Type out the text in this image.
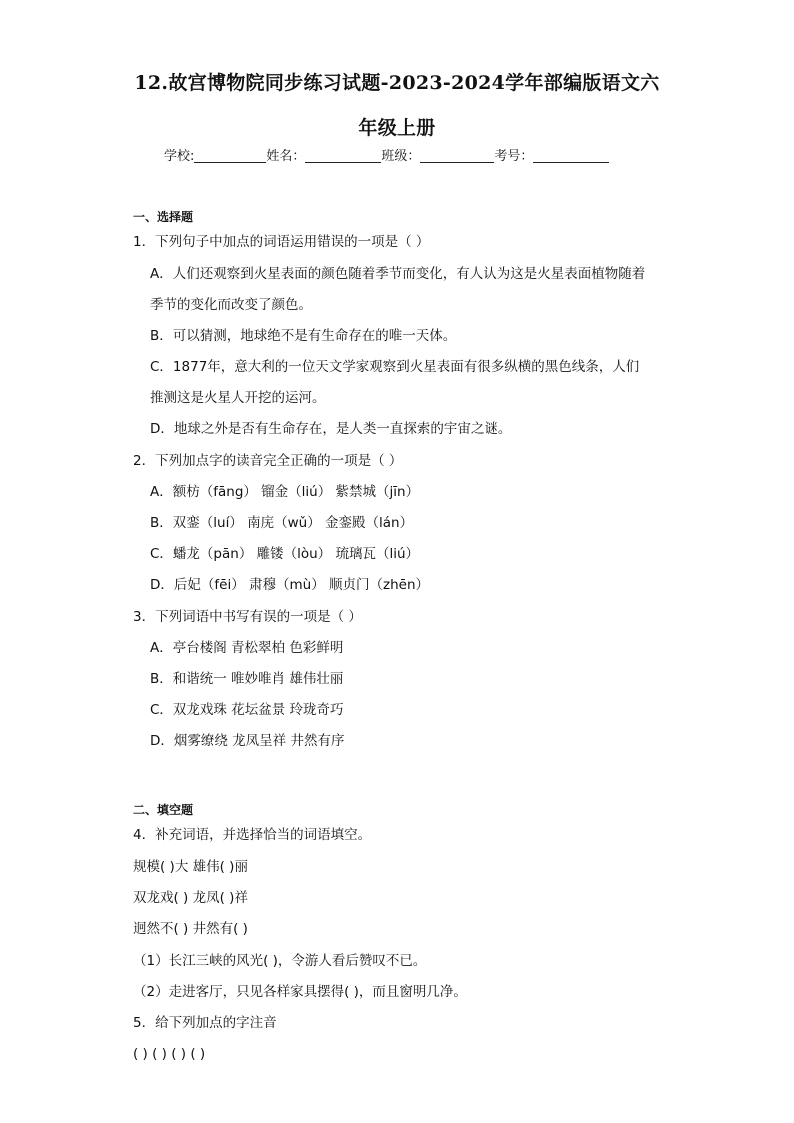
12.故宫博物院同步练习试题-2023-2024学年部编版语文六
年级上册
学校:	姓名：	班级：	考号：
一、选择题
1．下列句子中加点的词语运用错误的一项是（ ）
A．人们还观察到火星表面的颜色随着季节而变化，有人认为这是火星表面植物随着
季节的变化而改变了颜色。
B．可以猜测，地球绝不是有生命存在的唯一天体。
C．1877年，意大利的一位天文学家观察到火星表面有很多纵横的黑色线条，人们
推测这是火星人开挖的运河。
D．地球之外是否有生命存在，是人类一直探索的宇宙之谜。
2．下列加点字的读音完全正确的一项是（ ）
A．额枋（fāng） 镏金（liú） 紫禁城（jīn）
B．双銮（luí） 南庑（wǔ） 金銮殿（lán）
C．蟠龙（pān） 雕镂（lòu） 琉璃瓦（liú）
D．后妃（fēi） 肃穆（mù） 顺贞门（zhēn）
3．下列词语中书写有误的一项是（ ）
A．亭台楼阁 青松翠柏 色彩鲜明
B．和谐统一 唯妙唯肖 雄伟壮丽
C．双龙戏珠 花坛盆景 玲珑奇巧
D．烟雾缭绕 龙凤呈祥 井然有序
二、填空题
4．补充词语，并选择恰当的词语填空。
规模( )大 雄伟( )丽
双龙戏( ) 龙凤( )祥
迥然不( ) 井然有( )
（1）长江三峡的风光( )，令游人看后赞叹不已。
（2）走进客厅，只见各样家具摆得( )，而且窗明几净。
5．给下列加点的字注音
( ) ( ) ( ) ( )
